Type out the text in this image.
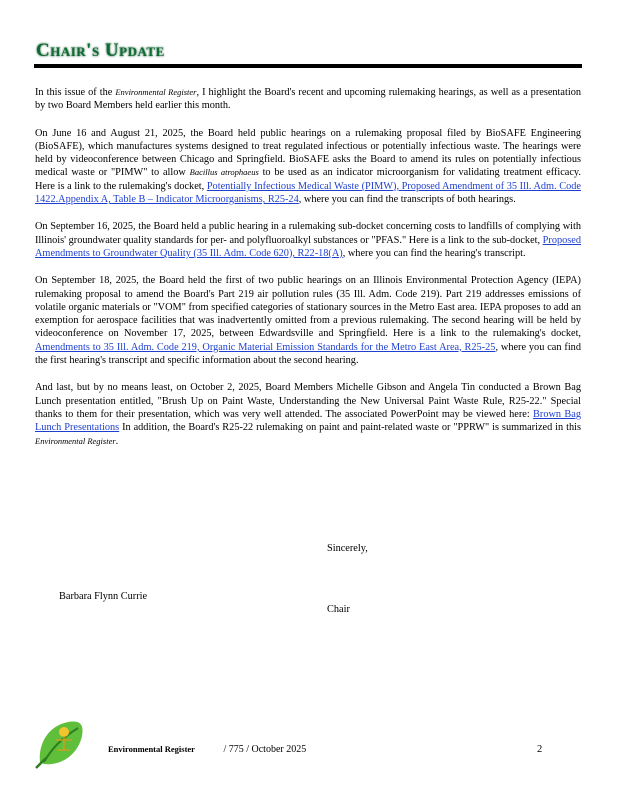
Chair's Update

In this issue of the Environmental Register, I highlight the Board's recent and upcoming rulemaking hearings, as well as a presentation by two Board Members held earlier this month.

On June 16 and August 21, 2025, the Board held public hearings on a rulemaking proposal filed by BioSAFE Engineering (BioSAFE), which manufactures systems designed to treat regulated infectious or potentially infectious waste. The hearings were held by videoconference between Chicago and Springfield. BioSAFE asks the Board to amend its rules on potentially infectious medical waste or "PIMW" to allow Bacillus atrophaeus to be used as an indicator microorganism for validating treatment efficacy. Here is a link to the rulemaking's docket, Potentially Infectious Medical Waste (PIMW), Proposed Amendment of 35 Ill. Adm. Code 1422.Appendix A, Table B – Indicator Microorganisms, R25-24, where you can find the transcripts of both hearings.

On September 16, 2025, the Board held a public hearing in a rulemaking sub-docket concerning costs to landfills of complying with Illinois' groundwater quality standards for per- and polyfluoroalkyl substances or "PFAS." Here is a link to the sub-docket, Proposed Amendments to Groundwater Quality (35 Ill. Adm. Code 620), R22-18(A), where you can find the hearing's transcript.

On September 18, 2025, the Board held the first of two public hearings on an Illinois Environmental Protection Agency (IEPA) rulemaking proposal to amend the Board's Part 219 air pollution rules (35 Ill. Adm. Code 219). Part 219 addresses emissions of volatile organic materials or "VOM" from specified categories of stationary sources in the Metro East area. IEPA proposes to add an exemption for aerospace facilities that was inadvertently omitted from a previous rulemaking. The second hearing will be held by videoconference on November 17, 2025, between Edwardsville and Springfield. Here is a link to the rulemaking's docket, Amendments to 35 Ill. Adm. Code 219, Organic Material Emission Standards for the Metro East Area, R25-25, where you can find the first hearing's transcript and specific information about the second hearing.

And last, but by no means least, on October 2, 2025, Board Members Michelle Gibson and Angela Tin conducted a Brown Bag Lunch presentation entitled, "Brush Up on Paint Waste, Understanding the New Universal Paint Waste Rule, R25-22." Special thanks to them for their presentation, which was very well attended. The associated PowerPoint may be viewed here: Brown Bag Lunch Presentations In addition, the Board's R25-22 rulemaking on paint and paint-related waste or "PPRW" is summarized in this Environmental Register.

Sincerely,
Barbara Flynn Currie
Chair
Environmental Register	/ 775 / October 2025	2
